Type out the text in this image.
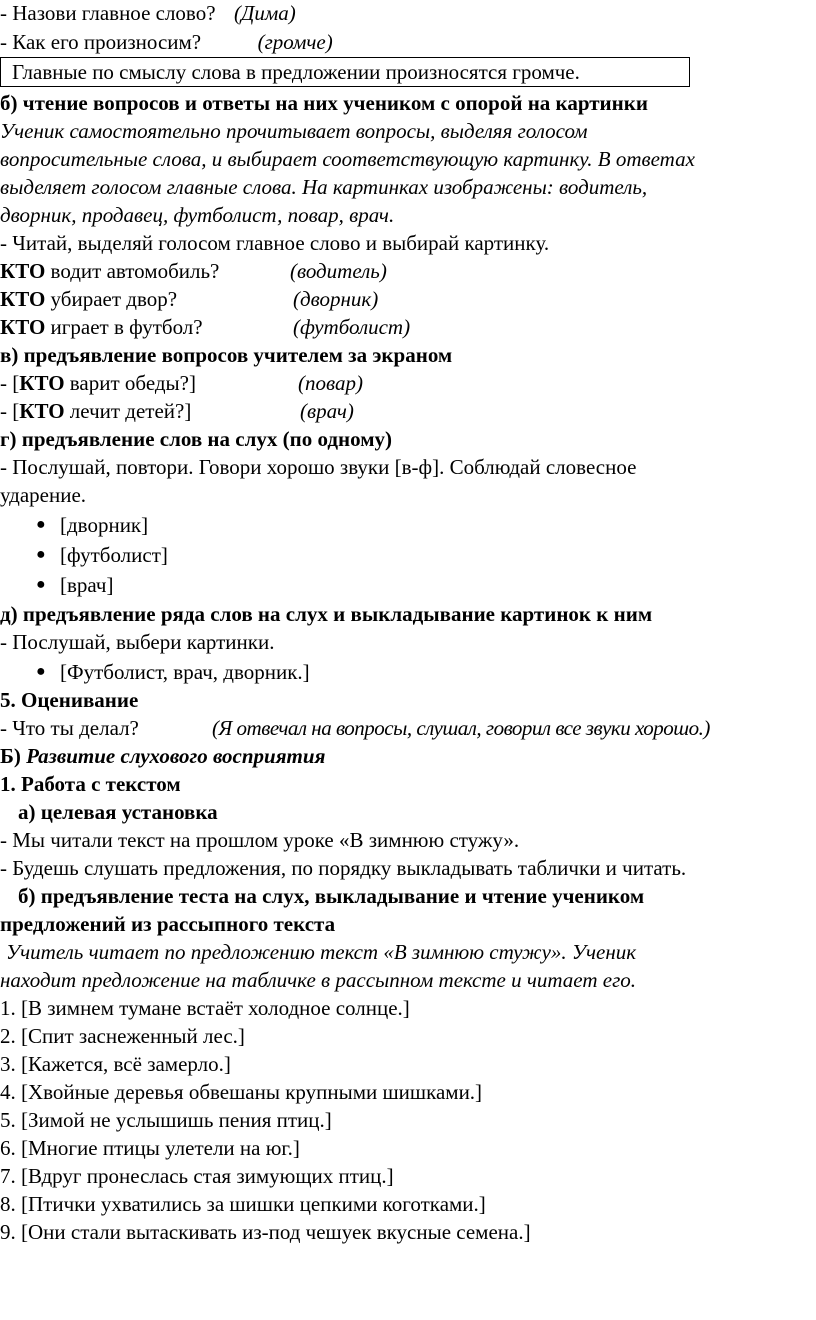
- Назови главное слово? (Дима)
- Как его произносим?	(громче)
Главные по смыслу слова в предложении произносятся громче.
б) чтение вопросов и ответы на них учеником с опорой на картинки
Ученик самостоятельно прочитывает вопросы, выделяя голосом
вопросительные слова, и выбирает соответствующую картинку. В ответах
выделяет голосом главные слова. На картинках изображены: водитель,
дворник, продавец, футболист, повар, врач.
- Читай, выделяй голосом главное слово и выбирай картинку.
КТО водит автомобиль?	(водитель)
КТО убирает двор?	(дворник)
КТО играет в футбол?	(футболист)
в) предъявление вопросов учителем за экраном
- [КТО варит обеды?]	(повар)
- [КТО лечит детей?]	(врач)
г) предъявление слов на слух (по одному)
- Послушай, повтори. Говори хорошо звуки [в-ф]. Соблюдай словесное
ударение.
● [дворник]
● [футболист]
● [врач]
д) предъявление ряда слов на слух и выкладывание картинок к ним
- Послушай, выбери картинки.
● [Футболист, врач, дворник.]
5. Оценивание
- Что ты делал?	(Я отвечал на вопросы, слушал, говорил все звуки хорошо.)
Б) Развитие слухового восприятия
1. Работа с текстом
а) целевая установка
- Мы читали текст на прошлом уроке «В зимнюю стужу».
- Будешь слушать предложения, по порядку выкладывать таблички и читать.
б) предъявление теста на слух, выкладывание и чтение учеником
предложений из рассыпного текста
Учитель читает по предложению текст «В зимнюю стужу». Ученик
находит предложение на табличке в рассыпном тексте и читает его.
1. [В зимнем тумане встаёт холодное солнце.]
2. [Спит заснеженный лес.]
3. [Кажется, всё замерло.]
4. [Хвойные деревья обвешаны крупными шишками.]
5. [Зимой не услышишь пения птиц.]
6. [Многие птицы улетели на юг.]
7. [Вдруг пронеслась стая зимующих птиц.]
8. [Птички ухватились за шишки цепкими коготками.]
9. [Они стали вытаскивать из-под чешуек вкусные семена.]
